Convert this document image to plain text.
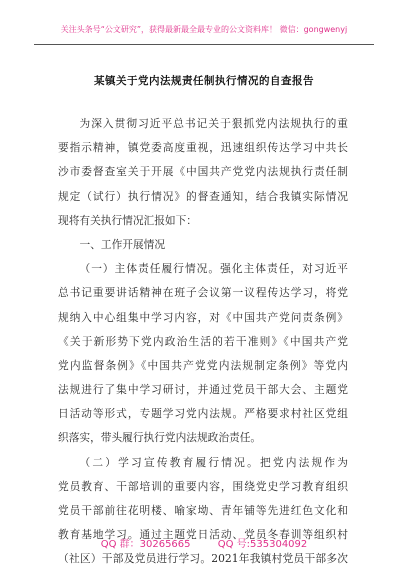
关注头条号“公文研究”，获得最新最全最专业的公文资料库！ 微信：gongwenyj
某镇关于党内法规责任制执行情况的自查报告
为深入贯彻习近平总书记关于狠抓党内法规执行的重
要指示精神，镇党委高度重视，迅速组织传达学习中共长
沙市委督查室关于开展《中国共产党党内法规执行责任制
规定（试行）执行情况》的督查通知，结合我镇实际情况
现将有关执行情况汇报如下：
一、工作开展情况
（一）主体责任履行情况。强化主体责任，对习近平
总书记重要讲话精神在班子会议第一议程传达学习，将党
规纳入中心组集中学习内容，对《中国共产党问责条例》
《关于新形势下党内政治生活的若干准则》《中国共产党
党内监督条例》《中国共产党党内法规制定条例》等党内
法规进行了集中学习研讨，并通过党员干部大会、主题党
日活动等形式，专题学习党内法规。严格要求村社区党组
织落实，带头履行执行党内法规政治责任。
（二）学习宣传教育履行情况。把党内法规作为
党员教育、干部培训的重要内容，围绕党史学习教育组织
党员干部前往花明楼、喻家坳、青年铺等先进红色文化和
教育基地学习。通过主题党日活动、党员冬春训等组织村
（社区）干部及党员进行学习。2021年我镇村党员干部多次
QQ 群：30265665	QQ 号:535304092
